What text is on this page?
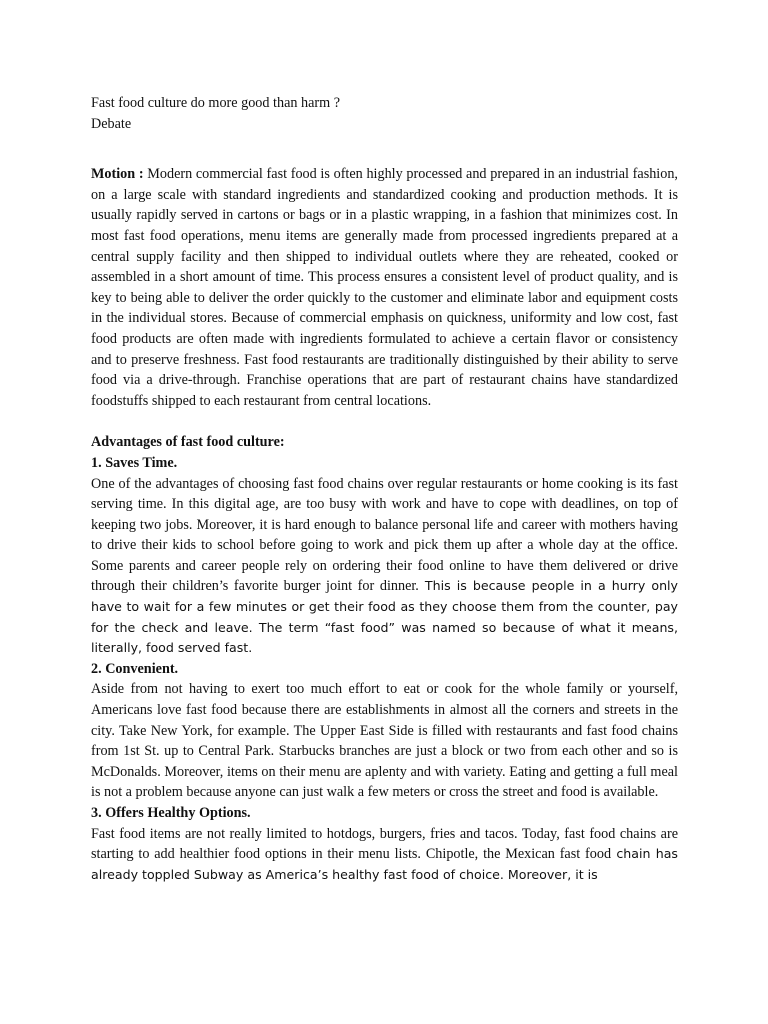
Fast food culture do more good than harm ?

Debate

Motion : Modern commercial fast food is often highly processed and prepared in an industrial fashion, on a large scale with standard ingredients and standardized cooking and production methods. It is usually rapidly served in cartons or bags or in a plastic wrapping, in a fashion that minimizes cost. In most fast food operations, menu items are generally made from processed ingredients prepared at a central supply facility and then shipped to individual outlets where they are reheated, cooked or assembled in a short amount of time. This process ensures a consistent level of product quality, and is key to being able to deliver the order quickly to the customer and eliminate labor and equipment costs in the individual stores. Because of commercial emphasis on quickness, uniformity and low cost, fast food products are often made with ingredients formulated to achieve a certain flavor or consistency and to preserve freshness. Fast food restaurants are traditionally distinguished by their ability to serve food via a drive-through. Franchise operations that are part of restaurant chains have standardized foodstuffs shipped to each restaurant from central locations.

Advantages of fast food culture:

1. Saves Time.

One of the advantages of choosing fast food chains over regular restaurants or home cooking is its fast serving time. In this digital age, are too busy with work and have to cope with deadlines, on top of keeping two jobs. Moreover, it is hard enough to balance personal life and career with mothers having to drive their kids to school before going to work and pick them up after a whole day at the office. Some parents and career people rely on ordering their food online to have them delivered or drive through their children’s favorite burger joint for dinner. This is because people in a hurry only have to wait for a few minutes or get their food as they choose them from the counter, pay for the check and leave. The term “fast food” was named so because of what it means, literally, food served fast.

2. Convenient.

Aside from not having to exert too much effort to eat or cook for the whole family or yourself, Americans love fast food because there are establishments in almost all the corners and streets in the city. Take New York, for example. The Upper East Side is filled with restaurants and fast food chains from 1st St. up to Central Park. Starbucks branches are just a block or two from each other and so is McDonalds. Moreover, items on their menu are aplenty and with variety. Eating and getting a full meal is not a problem because anyone can just walk a few meters or cross the street and food is available.

3. Offers Healthy Options.

Fast food items are not really limited to hotdogs, burgers, fries and tacos. Today, fast food chains are starting to add healthier food options in their menu lists. Chipotle, the Mexican fast food chain has already toppled Subway as America’s healthy fast food of choice. Moreover, it is
